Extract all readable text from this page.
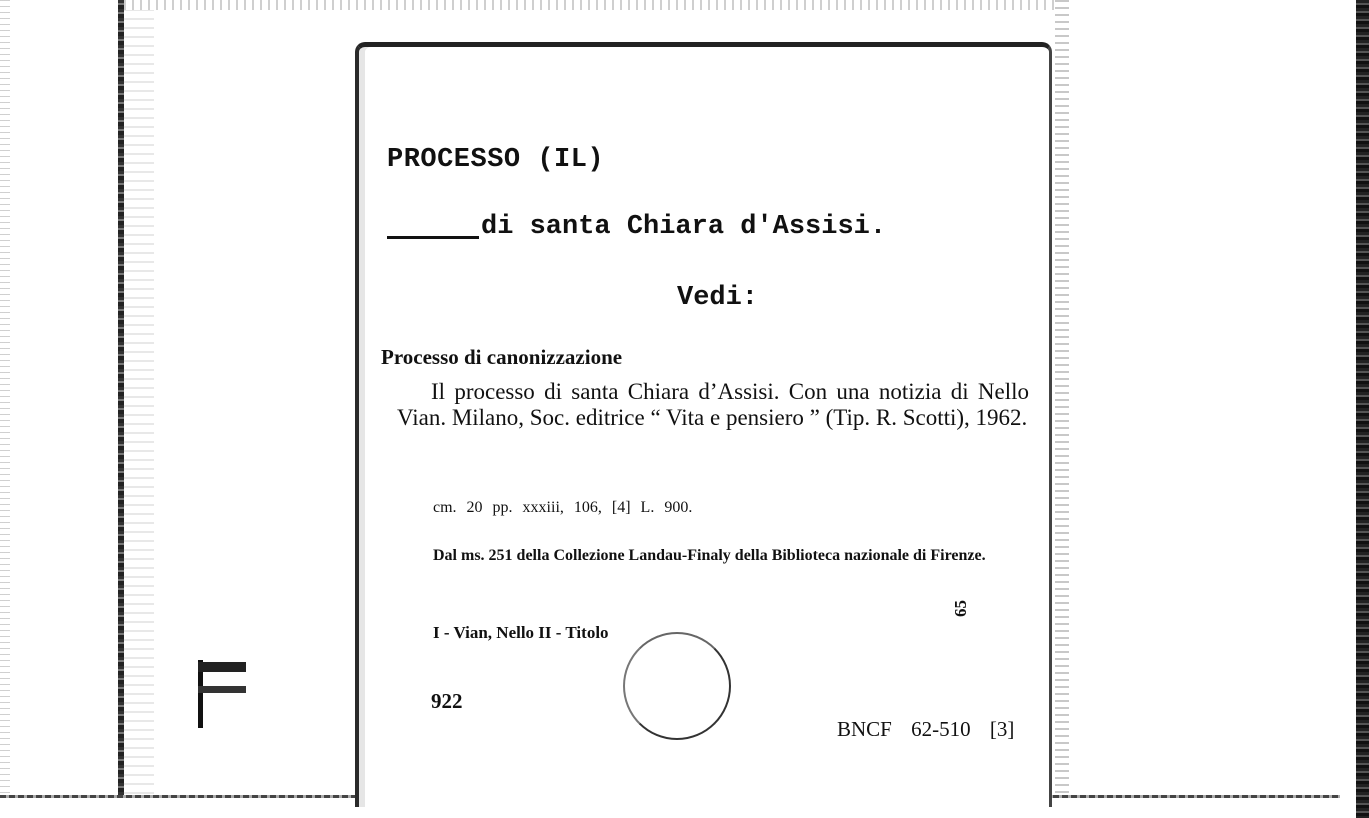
PROCESSO (IL)
di santa Chiara d'Assisi.
Vedi:
Processo di canonizzazione
Il processo di santa Chiara d’Assisi. Con una notizia di Nello Vian. Milano, Soc. editrice “ Vita e pensiero ” (Tip. R. Scotti), 1962.
cm. 20 pp. xxxiii, 106, [4] L. 900.
Dal ms. 251 della Collezione Landau-Finaly della Biblioteca nazionale di Firenze.
I - Vian, Nello II - Titolo
65
922
BNCF 62-510 [3]
